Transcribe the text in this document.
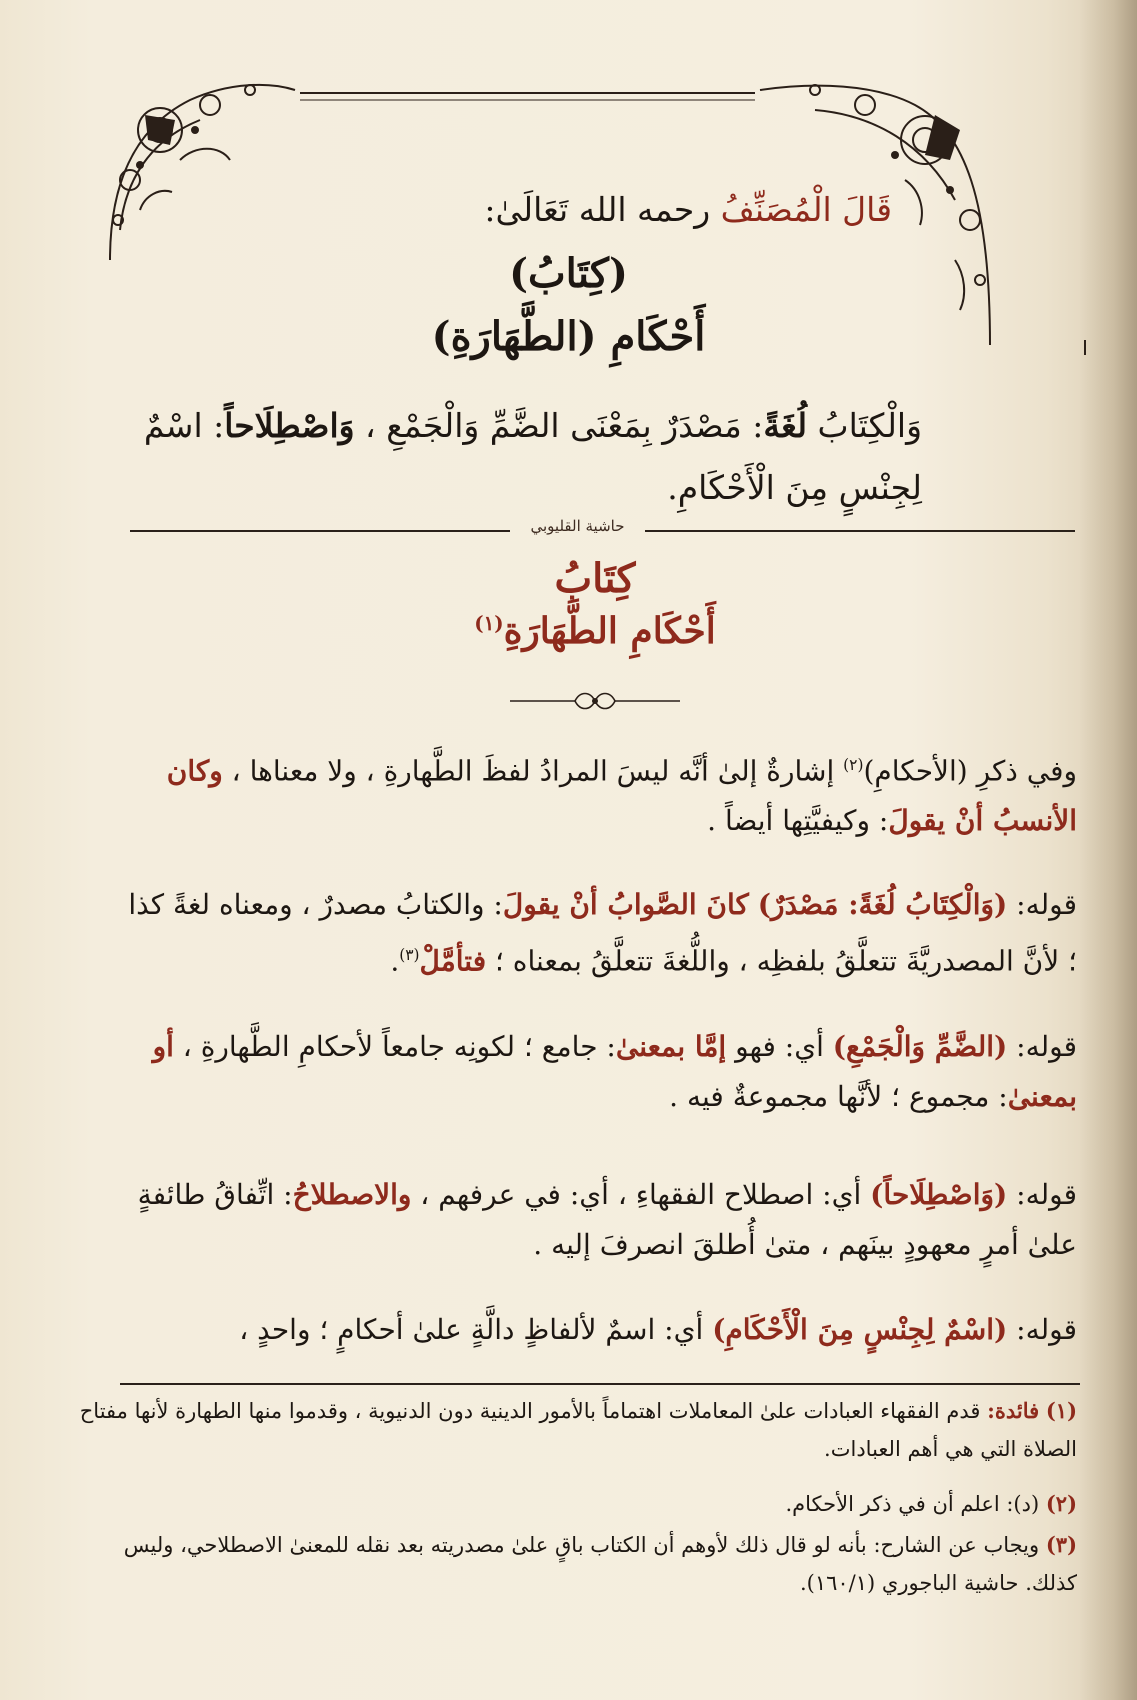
قَالَ الْمُصَنِّفُ رحمه الله تَعَالَىٰ:
(كِتَابُ)
أَحْكَامِ (الطَّهَارَةِ)
وَالْكِتَابُ لُغَةً: مَصْدَرٌ بِمَعْنَى الضَّمِّ وَالْجَمْعِ ، وَاصْطِلَاحاً: اسْمٌ لِجِنْسٍ مِنَ الْأَحْكَامِ.
حاشية القليوبي
كِتَابُ
أَحْكَامِ الطَّهَارَةِ$^{(١)}$
وفي ذكرِ (الأحكامِ)$^{(٢)}$ إشارةٌ إلىٰ أنَّه ليسَ المرادُ لفظَ الطَّهارةِ ، ولا معناها ، وكان الأنسبُ أنْ يقولَ: وكيفيَّتِها أيضاً .
قوله: (وَالْكِتَابُ لُغَةً: مَصْدَرٌ) كانَ الصَّوابُ أنْ يقولَ: والكتابُ مصدرٌ ، ومعناه لغةً كذا ؛ لأنَّ المصدريَّةَ تتعلَّقُ بلفظِه ، واللُّغةَ تتعلَّقُ بمعناه ؛ فتأمَّلْ$^{(٣)}$.
قوله: (الضَّمِّ وَالْجَمْعِ) أي: فهو إمَّا بمعنىٰ: جامع ؛ لكونِه جامعاً لأحكامِ الطَّهارةِ ، أو بمعنىٰ: مجموع ؛ لأنَّها مجموعةٌ فيه .
قوله: (وَاصْطِلَاحاً) أي: اصطلاح الفقهاءِ ، أي: في عرفهم ، والاصطلاحُ: اتِّفاقُ طائفةٍ علىٰ أمرٍ معهودٍ بينَهم ، متىٰ أُطلقَ انصرفَ إليه .
قوله: (اسْمٌ لِجِنْسٍ مِنَ الْأَحْكَامِ) أي: اسمٌ لألفاظٍ دالَّةٍ علىٰ أحكامٍ ؛ واحدٍ ،
(١) فائدة: قدم الفقهاء العبادات علىٰ المعاملات اهتماماً بالأمور الدينية دون الدنيوية ، وقدموا منها الطهارة لأنها مفتاح الصلاة التي هي أهم العبادات.
(٢) (د): اعلم أن في ذكر الأحكام.
(٣) ويجاب عن الشارح: بأنه لو قال ذلك لأوهم أن الكتاب باقٍ علىٰ مصدريته بعد نقله للمعنىٰ الاصطلاحي، وليس كذلك. حاشية الباجوري (١٦٠/١).
